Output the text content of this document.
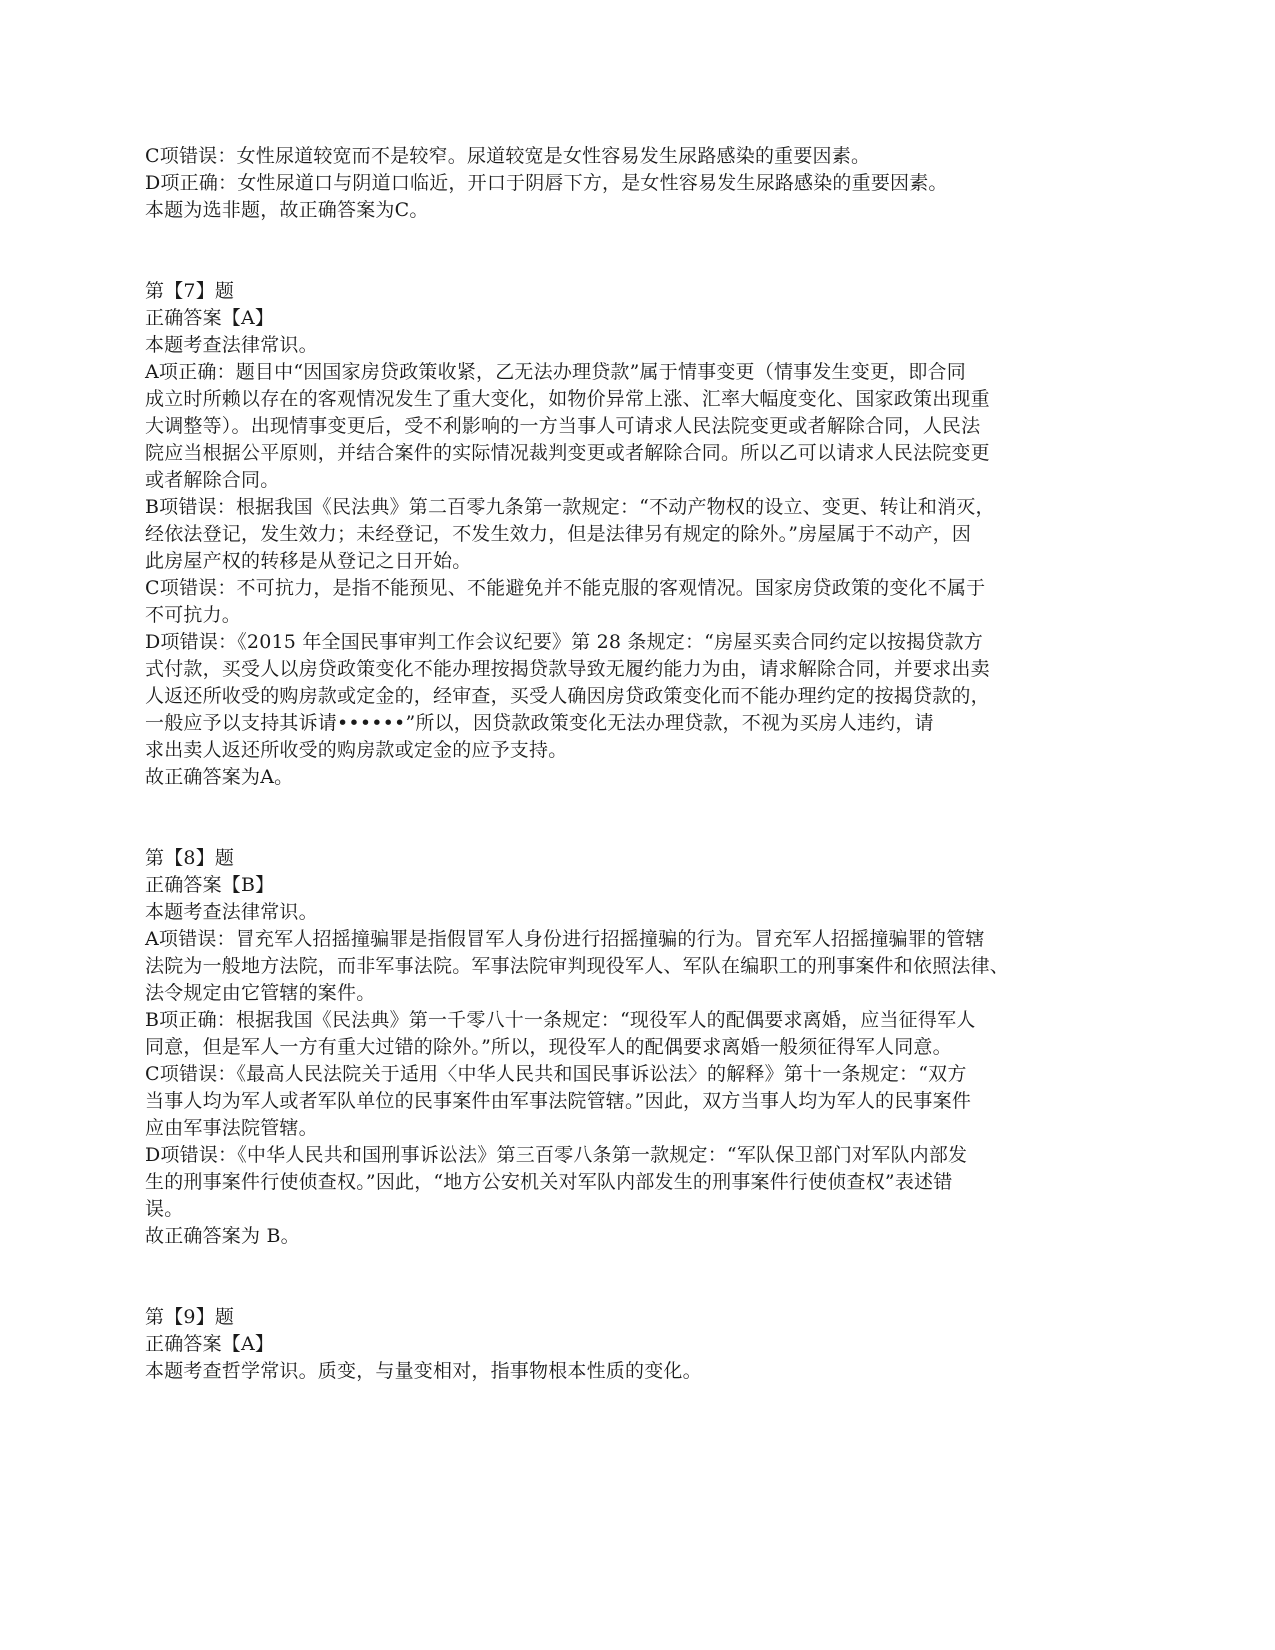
C项错误：女性尿道较宽而不是较窄。尿道较宽是女性容易发生尿路感染的重要因素。
D项正确：女性尿道口与阴道口临近，开口于阴唇下方，是女性容易发生尿路感染的重要因素。
本题为选非题，故正确答案为C。
第【7】题
正确答案【A】
本题考查法律常识。
A项正确：题目中“因国家房贷政策收紧，乙无法办理贷款”属于情事变更（情事发生变更，即合同
成立时所赖以存在的客观情况发生了重大变化，如物价异常上涨、汇率大幅度变化、国家政策出现重
大调整等）。出现情事变更后，受不利影响的一方当事人可请求人民法院变更或者解除合同，人民法
院应当根据公平原则，并结合案件的实际情况裁判变更或者解除合同。所以乙可以请求人民法院变更
或者解除合同。
B项错误：根据我国《民法典》第二百零九条第一款规定：“不动产物权的设立、变更、转让和消灭，
经依法登记，发生效力；未经登记，不发生效力，但是法律另有规定的除外。”房屋属于不动产，因
此房屋产权的转移是从登记之日开始。
C项错误：不可抗力，是指不能预见、不能避免并不能克服的客观情况。国家房贷政策的变化不属于
不可抗力。
D项错误：《2015 年全国民事审判工作会议纪要》第 28 条规定：“房屋买卖合同约定以按揭贷款方
式付款，买受人以房贷政策变化不能办理按揭贷款导致无履约能力为由，请求解除合同，并要求出卖
人返还所收受的购房款或定金的，经审查，买受人确因房贷政策变化而不能办理约定的按揭贷款的，
一般应予以支持其诉请••••••”所以，因贷款政策变化无法办理贷款，不视为买房人违约，请
求出卖人返还所收受的购房款或定金的应予支持。
故正确答案为A。
第【8】题
正确答案【B】
本题考查法律常识。
A项错误：冒充军人招摇撞骗罪是指假冒军人身份进行招摇撞骗的行为。冒充军人招摇撞骗罪的管辖
法院为一般地方法院，而非军事法院。军事法院审判现役军人、军队在编职工的刑事案件和依照法律、
法令规定由它管辖的案件。
B项正确：根据我国《民法典》第一千零八十一条规定：“现役军人的配偶要求离婚，应当征得军人
同意，但是军人一方有重大过错的除外。”所以，现役军人的配偶要求离婚一般须征得军人同意。
C项错误：《最高人民法院关于适用〈中华人民共和国民事诉讼法〉的解释》第十一条规定：“双方
当事人均为军人或者军队单位的民事案件由军事法院管辖。”因此，双方当事人均为军人的民事案件
应由军事法院管辖。
D项错误：《中华人民共和国刑事诉讼法》第三百零八条第一款规定：“军队保卫部门对军队内部发
生的刑事案件行使侦查权。”因此，“地方公安机关对军队内部发生的刑事案件行使侦查权”表述错
误。
故正确答案为 B。
第【9】题
正确答案【A】
本题考查哲学常识。质变，与量变相对，指事物根本性质的变化。
